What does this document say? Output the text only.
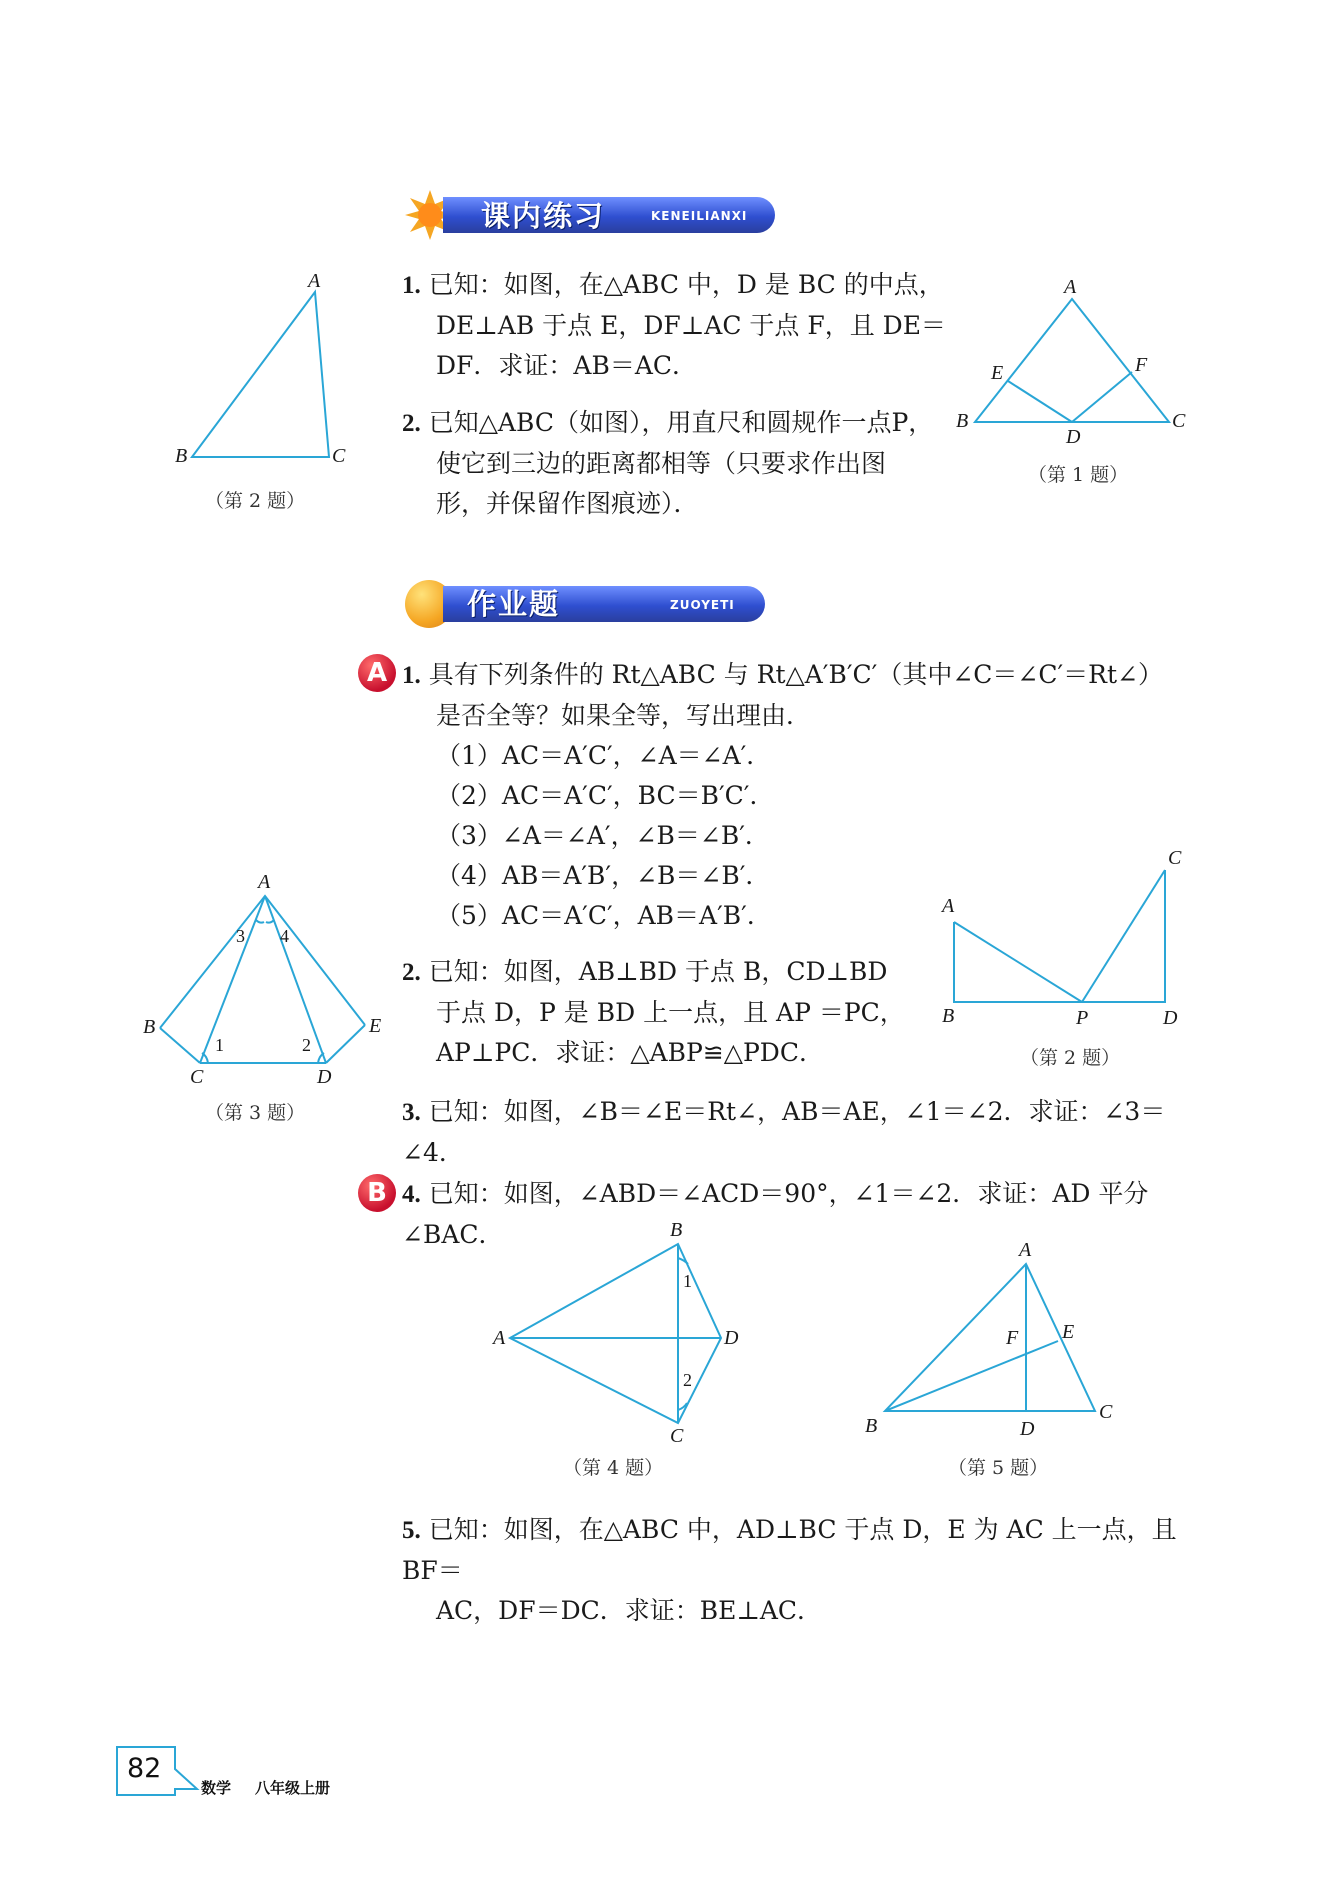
课内练习	KENEILIANXI
1. 已知：如图，在△ABC 中，D 是 BC 的中点，
DE⊥AB 于点 E，DF⊥AC 于点 F，且 DE＝
DF．求证：AB＝AC．
2. 已知△ABC（如图），用直尺和圆规作一点P，
使它到三边的距离都相等（只要求作出图
形，并保留作图痕迹）．
A
B	C
（第 2 题）
A
B	C
D
E	F
（第 1 题）
作业题	ZUOYETI
A 1. 具有下列条件的 Rt△ABC 与 Rt△A′B′C′（其中∠C＝∠C′＝Rt∠）
是否全等？如果全等，写出理由．
（1）AC＝A′C′，∠A＝∠A′．
（2）AC＝A′C′，BC＝B′C′．
（3）∠A＝∠A′，∠B＝∠B′．
（4）AB＝A′B′，∠B＝∠B′．
（5）AC＝A′C′，AB＝A′B′．
2. 已知：如图，AB⊥BD 于点 B，CD⊥BD
于点 D，P 是 BD 上一点，且 AP ＝PC，
AP⊥PC．求证：△ABP≌△PDC．
A
B
C
D
P
（第 2 题）
A
B
C	D
E
1	2
3 4
（第 3 题）	3. 已知：如图，∠B＝∠E＝Rt∠，AB＝AE，∠1＝∠2．求证：∠3＝∠4．
B 4. 已知：如图，∠ABD＝∠ACD＝90°，∠1＝∠2．求证：AD 平分∠BAC．	B
A	D
C
1
2
（第 4 题）
A
B
C
D
E
F
（第 5 题）
5. 已知：如图，在△ABC 中，AD⊥BC 于点 D，E 为 AC 上一点，且 BF＝
AC，DF＝DC．求证：BE⊥AC．
82
数学 八年级上册
